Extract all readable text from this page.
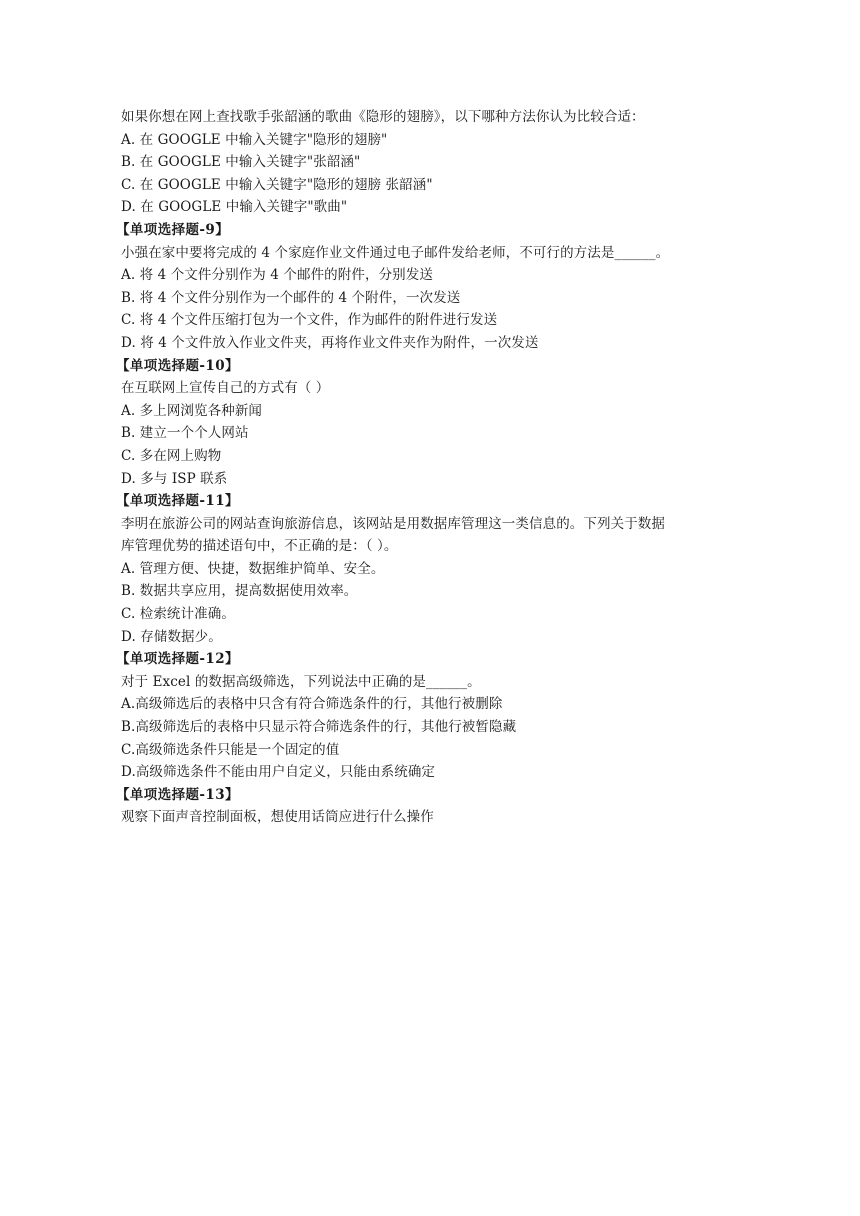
如果你想在网上查找歌手张韶涵的歌曲《隐形的翅膀》，以下哪种方法你认为比较合适：
A. 在 GOOGLE 中输入关键字"隐形的翅膀"
B. 在 GOOGLE 中输入关键字"张韶涵"
C. 在 GOOGLE 中输入关键字"隐形的翅膀 张韶涵"
D. 在 GOOGLE 中输入关键字"歌曲"
【单项选择题-9】
小强在家中要将完成的 4 个家庭作业文件通过电子邮件发给老师，不可行的方法是______。
A. 将 4 个文件分别作为 4 个邮件的附件，分别发送
B. 将 4 个文件分别作为一个邮件的 4 个附件，一次发送
C. 将 4 个文件压缩打包为一个文件，作为邮件的附件进行发送
D. 将 4 个文件放入作业文件夹，再将作业文件夹作为附件，一次发送
【单项选择题-10】
在互联网上宣传自己的方式有（ ）
A. 多上网浏览各种新闻
B. 建立一个个人网站
C. 多在网上购物
D. 多与 ISP 联系
【单项选择题-11】
李明在旅游公司的网站查询旅游信息，该网站是用数据库管理这一类信息的。下列关于数据
库管理优势的描述语句中，不正确的是：（ ）。
A. 管理方便、快捷，数据维护简单、安全。
B. 数据共享应用，提高数据使用效率。
C. 检索统计准确。
D. 存储数据少。
【单项选择题-12】
对于 Excel 的数据高级筛选，下列说法中正确的是______。
A.高级筛选后的表格中只含有符合筛选条件的行，其他行被删除
B.高级筛选后的表格中只显示符合筛选条件的行，其他行被暂隐藏
C.高级筛选条件只能是一个固定的值
D.高级筛选条件不能由用户自定义，只能由系统确定
【单项选择题-13】
观察下面声音控制面板，想使用话筒应进行什么操作
